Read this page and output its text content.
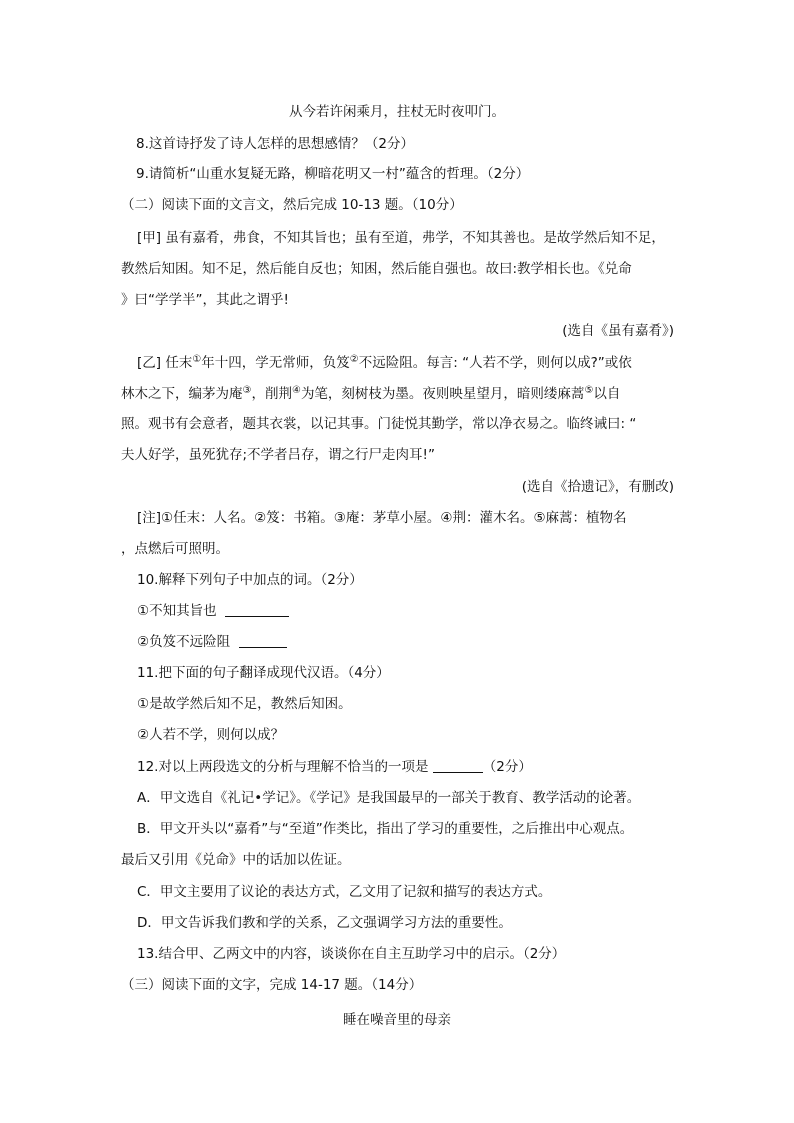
从今若许闲乘月，拄杖无时夜叩门。
8.这首诗抒发了诗人怎样的思想感情？（2分）
9.请简析“山重水复疑无路，柳暗花明又一村”蕴含的哲理。（2分）
（二）阅读下面的文言文，然后完成 10-13 题。（10分）
[甲] 虽有嘉肴，弗食，不知其旨也；虽有至道，弗学，不知其善也。是故学然后知不足，
教然后知困。知不足，然后能自反也；知困，然后能自强也。故曰:教学相长也。《兑命
》曰“学学半”，其此之谓乎!
(选自《虽有嘉肴》)
[乙] 任末①年十四，学无常师，负笈②不远险阻。每言: “人若不学，则何以成?”或依
林木之下，编茅为庵③，削荆④为笔，刻树枝为墨。夜则映星望月，暗则缕麻蒿⑤以自
照。观书有会意者，题其衣裳，以记其事。门徒悦其勤学，常以净衣易之。临终诫曰: “
夫人好学，虽死犹存;不学者吕存，谓之行尸走肉耳!”
(选自《拾遗记》，有删改)
[注]①任末：人名。②笈：书箱。③庵：茅草小屋。④荆：灌木名。⑤麻蒿：植物名
，点燃后可照明。
10.解释下列句子中加点的词。（2分）
①不知其旨也
②负笈不远险阻
11.把下面的句子翻译成现代汉语。（4分）
①是故学然后知不足，教然后知困。
②人若不学，则何以成？
12.对以上两段选文的分析与理解不恰当的一项是	（2分）
A．甲文选自《礼记•学记》。《学记》是我国最早的一部关于教育、教学活动的论著。
B．甲文开头以“嘉肴”与“至道”作类比，指出了学习的重要性，之后推出中心观点。
最后又引用《兑命》中的话加以佐证。
C．甲文主要用了议论的表达方式，乙文用了记叙和描写的表达方式。
D．甲文告诉我们教和学的关系，乙文强调学习方法的重要性。
13.结合甲、乙两文中的内容，谈谈你在自主互助学习中的启示。（2分）
（三）阅读下面的文字，完成 14-17 题。（14分）
睡在噪音里的母亲
